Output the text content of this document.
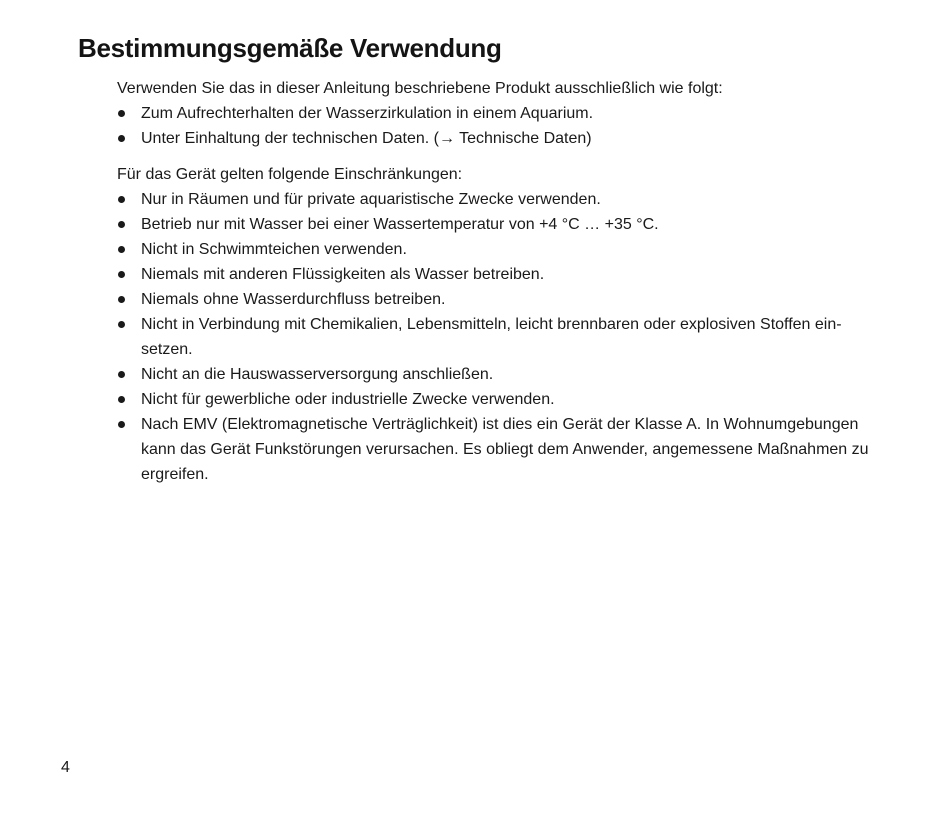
Bestimmungsgemäße Verwendung

Verwenden Sie das in dieser Anleitung beschriebene Produkt ausschließlich wie folgt:

Zum Aufrechterhalten der Wasserzirkulation in einem Aquarium.
Unter Einhaltung der technischen Daten. (→ Technische Daten)

Für das Gerät gelten folgende Einschränkungen:

Nur in Räumen und für private aquaristische Zwecke verwenden.
Betrieb nur mit Wasser bei einer Wassertemperatur von +4 °C … +35 °C.
Nicht in Schwimmteichen verwenden.
Niemals mit anderen Flüssigkeiten als Wasser betreiben.
Niemals ohne Wasserdurchfluss betreiben.
Nicht in Verbindung mit Chemikalien, Lebensmitteln, leicht brennbaren oder explosiven Stoffen ein- setzen.
Nicht an die Hauswasserversorgung anschließen.
Nicht für gewerbliche oder industrielle Zwecke verwenden.
Nach EMV (Elektromagnetische Verträglichkeit) ist dies ein Gerät der Klasse A. In Wohnumgebungen kann das Gerät Funkstörungen verursachen. Es obliegt dem Anwender, angemessene Maßnahmen zu ergreifen.
4
